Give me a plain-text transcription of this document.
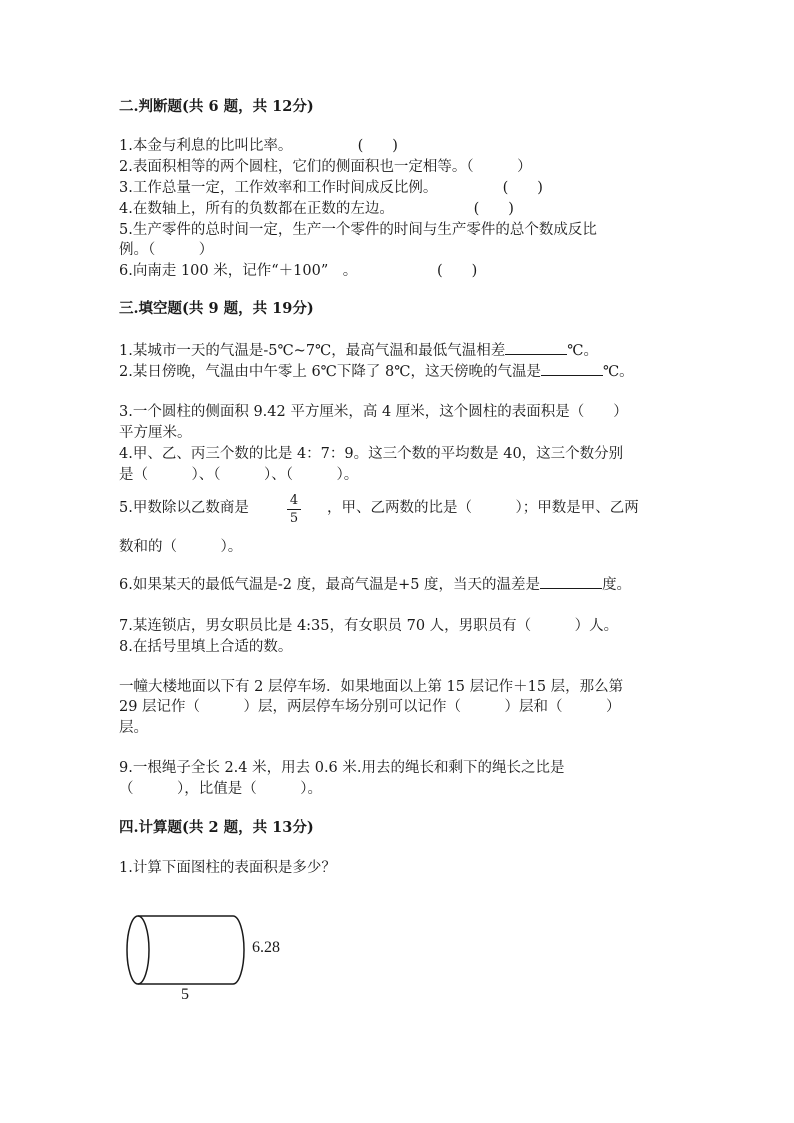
二.判断题(共 6 题，共 12分)
1.本金与利息的比叫比率。　　　　　(　　)
2.表面积相等的两个圆柱，它们的侧面积也一定相等。（　　　）
3.工作总量一定，工作效率和工作时间成反比例。　　　　　(　　)
4.在数轴上，所有的负数都在正数的左边。　　　　　　(　　)
5.生产零件的总时间一定，生产一个零件的时间与生产零件的总个数成反比
例。（　　　）
6.向南走 100 米，记作“＋100”　。　　　　　　(　　)
三.填空题(共 9 题，共 19分)
1.某城市一天的气温是-5℃~7℃，最高气温和最低气温相差	℃。
2.某日傍晚，气温由中午零上 6℃下降了 8℃，这天傍晚的气温是	℃。
3.一个圆柱的侧面积 9.42 平方厘米，高 4 厘米，这个圆柱的表面积是（　　）
平方厘米。
4.甲、乙、丙三个数的比是 4：7：9。这三个数的平均数是 40，这三个数分别
是（　　　）、（　　　）、（　　　）。
5.甲数除以乙数商是	$\frac{4}{5}$ ，甲、乙两数的比是（　　　）；甲数是甲、乙两
数和的（　　　）。
6.如果某天的最低气温是-2 度，最高气温是+5 度，当天的温差是	度。
7.某连锁店，男女职员比是 4:35，有女职员 70 人，男职员有（　　　）人。
8.在括号里填上合适的数。
一幢大楼地面以下有 2 层停车场．如果地面以上第 15 层记作＋15 层，那么第
29 层记作（　　　）层，两层停车场分别可以记作（　　　）层和（　　　）
层。
9.一根绳子全长 2.4 米，用去 0.6 米.用去的绳长和剩下的绳长之比是
（　　　），比值是（　　　）。
四.计算题(共 2 题，共 13分)
1.计算下面图柱的表面积是多少？
6.28
5
